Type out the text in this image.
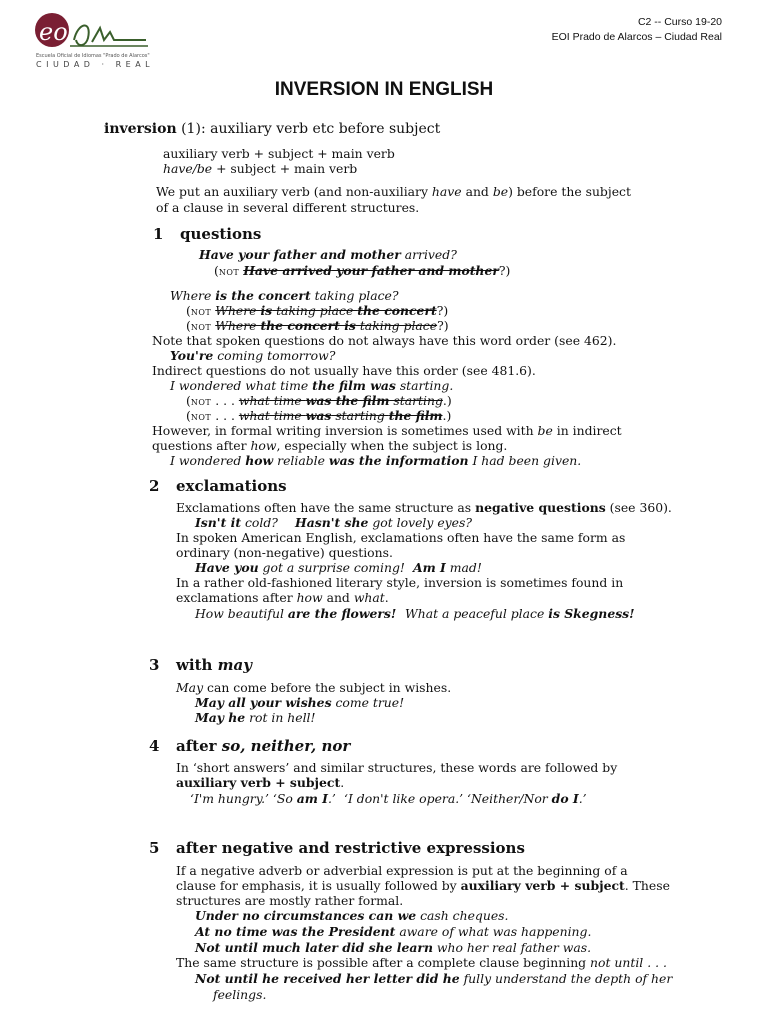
eoi
Escuela Oficial de Idiomas "Prado de Alarcos"
CIUDAD · REAL
C2 -- Curso 19-20
EOI Prado de Alarcos – Ciudad Real
INVERSION IN ENGLISH
inversion (1): auxiliary verb etc before subject
auxiliary verb + subject + main verb
have/be + subject + main verb
We put an auxiliary verb (and non-auxiliary have and be) before the subject
of a clause in several different structures.
1 questions
Have your father and mother arrived?
(not Have arrived your father and mother?)
Where is the concert taking place?
(not Where is taking place the concert?)
(not Where the concert is taking place?)
Note that spoken questions do not always have this word order (see 462).
You're coming tomorrow?
Indirect questions do not usually have this order (see 481.6).
I wondered what time the film was starting.
(not . . . what time was the film starting.)
(not . . . what time was starting the film.)
However, in formal writing inversion is sometimes used with be in indirect
questions after how, especially when the subject is long.
I wondered how reliable was the information I had been given.
2 exclamations
Exclamations often have the same structure as negative questions (see 360).
Isn't it cold? Hasn't she got lovely eyes?
In spoken American English, exclamations often have the same form as
ordinary (non-negative) questions.
Have you got a surprise coming! Am I mad!
In a rather old-fashioned literary style, inversion is sometimes found in
exclamations after how and what.
How beautiful are the flowers! What a peaceful place is Skegness!
3 with may
May can come before the subject in wishes.
May all your wishes come true!
May he rot in hell!
4 after so, neither, nor
In ‘short answers’ and similar structures, these words are followed by
auxiliary verb + subject.
‘I'm hungry.’ ‘So am I.’ ‘I don't like opera.’ ‘Neither/Nor do I.’
5 after negative and restrictive expressions
If a negative adverb or adverbial expression is put at the beginning of a
clause for emphasis, it is usually followed by auxiliary verb + subject. These
structures are mostly rather formal.
Under no circumstances can we cash cheques.
At no time was the President aware of what was happening.
Not until much later did she learn who her real father was.
The same structure is possible after a complete clause beginning not until . . .
Not until he received her letter did he fully understand the depth of her
feelings.
